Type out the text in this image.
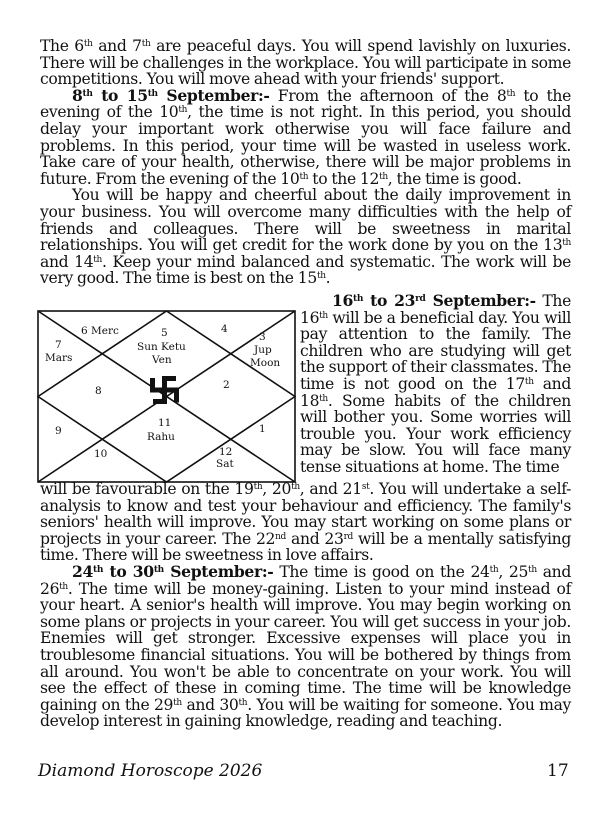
The 6th and 7th are peaceful days. You will spend lavishly on luxuries. There will be challenges in the workplace. You will participate in some competitions. You will move ahead with your friends' support.

8th to 15th September:- From the afternoon of the 8th to the evening of the 10th, the time is not right. In this period, you should delay your important work otherwise you will face failure and problems. In this period, your time will be wasted in useless work. Take care of your health, otherwise, there will be major problems in future. From the evening of the 10th to the 12th, the time is good.

You will be happy and cheerful about the daily improvement in your business. You will overcome many difficulties with the help of friends and colleagues. There will be sweetness in marital relationships. You will get credit for the work done by you on the 13th and 14th. Keep your mind balanced and systematic. The work will be very good. The time is best on the 15th.

6 Merc	5
Sun Ketu
Ven
4
3
Jup
Moon
7
Mars
8	2
9
11
Rahu
1
10	12
Sat

16th to 23rd September:- The 16th will be a beneficial day. You will pay attention to the family. The children who are studying will get the support of their classmates. The time is not good on the 17th and 18th. Some habits of the children will bother you. Some worries will trouble you. Your work efficiency may be slow. You will face many tense situations at home. The time

will be favourable on the 19th, 20th, and 21st. You will undertake a self-analysis to know and test your behaviour and efficiency. The family's seniors' health will improve. You may start working on some plans or projects in your career. The 22nd and 23rd will be a mentally satisfying time. There will be sweetness in love affairs.

24th to 30th September:- The time is good on the 24th, 25th and 26th. The time will be money-gaining. Listen to your mind instead of your heart. A senior's health will improve. You may begin working on some plans or projects in your career. You will get success in your job. Enemies will get stronger. Excessive expenses will place you in troublesome financial situations. You will be bothered by things from all around. You won't be able to concentrate on your work. You will see the effect of these in coming time. The time will be knowledge gaining on the 29th and 30th. You will be waiting for someone. You may develop interest in gaining knowledge, reading and teaching.

Diamond Horoscope 2026	17
